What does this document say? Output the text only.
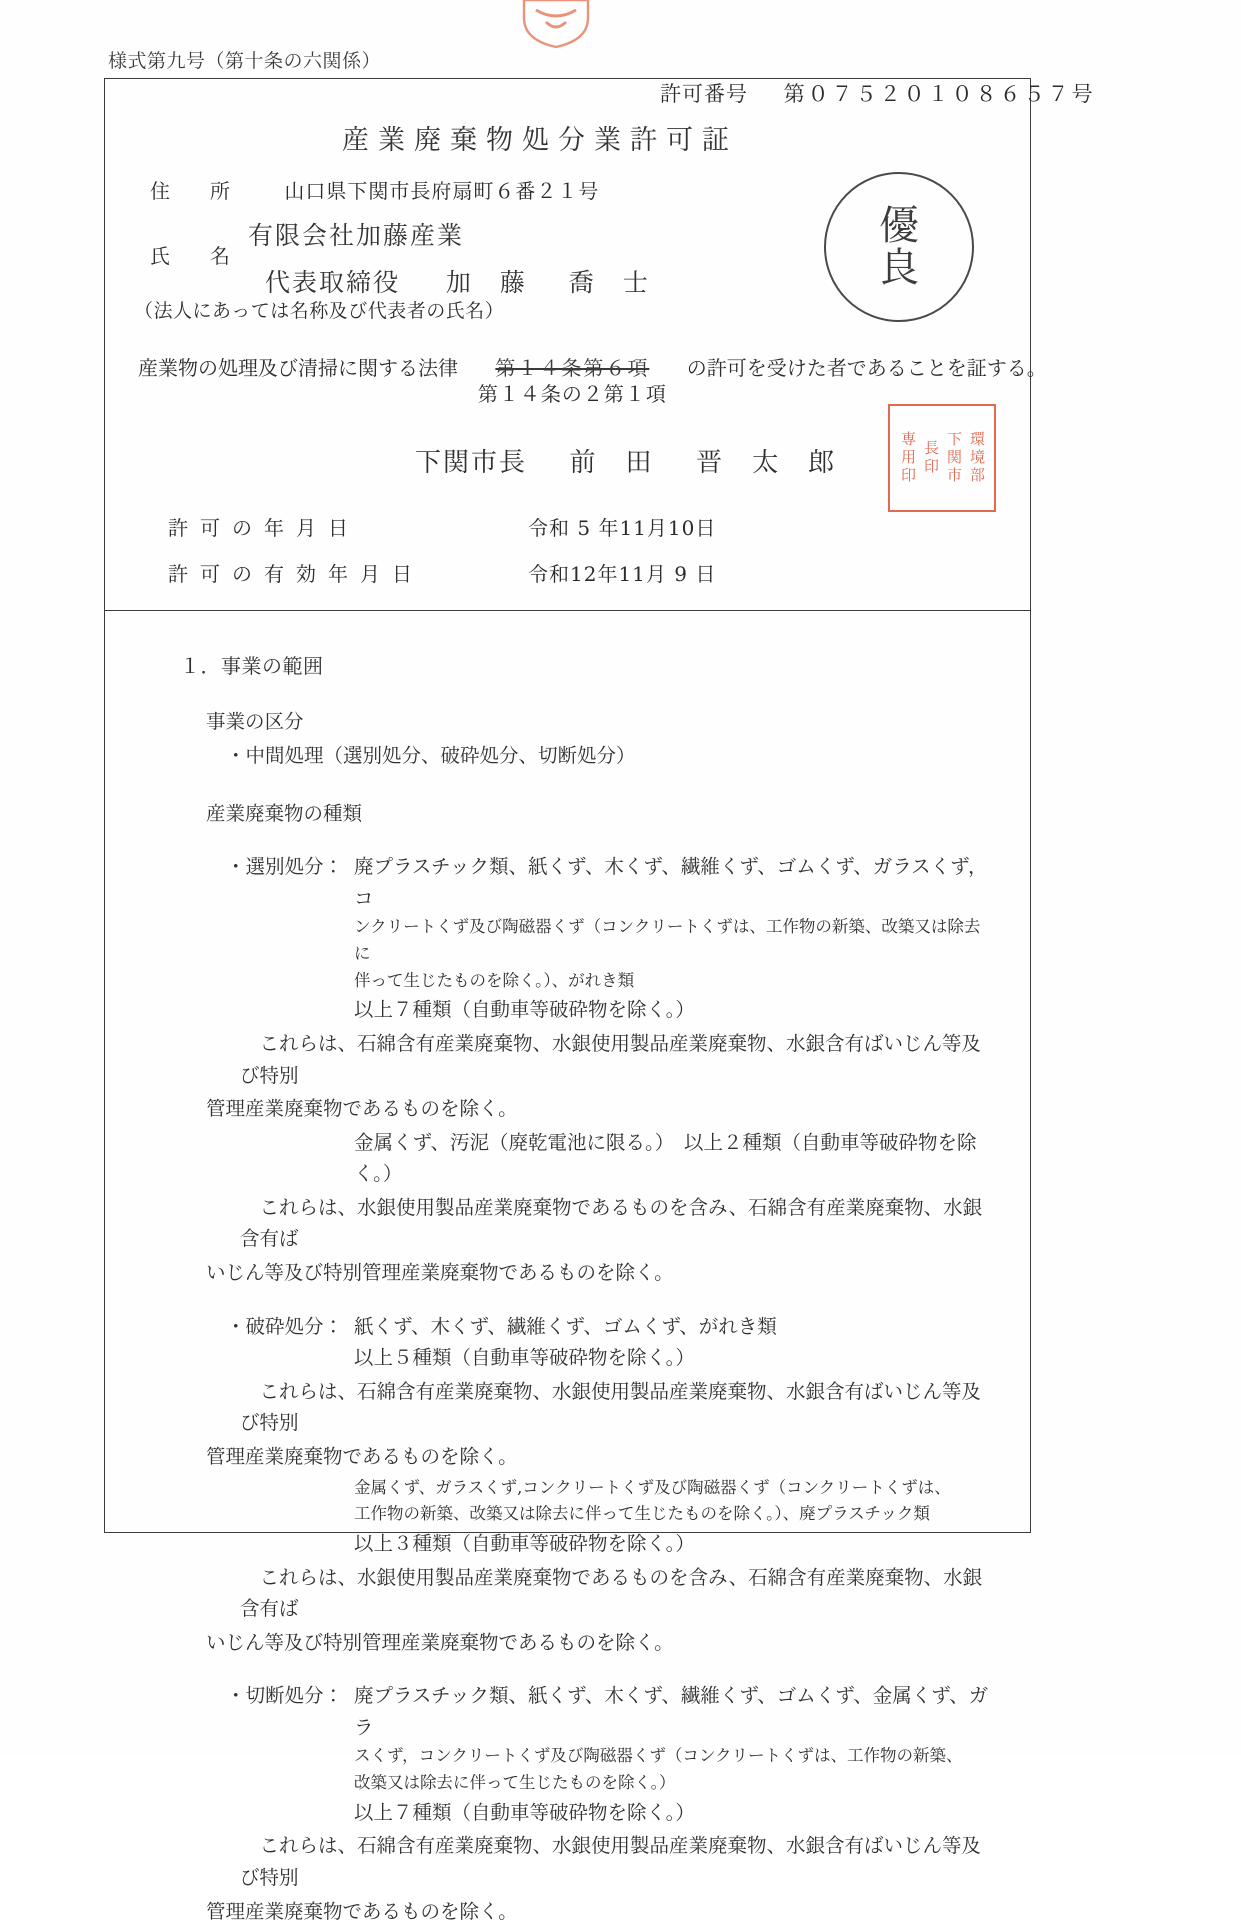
様式第九号（第十条の六関係）
許可番号 第０７５２０１０８６５７号
産業廃棄物処分業許可証
住　所 山口県下関市長府扇町６番２１号
有限会社加藤産業
氏　名
代表取締役 加　藤 喬　士
（法人にあっては名称及び代表者の氏名）
産業物の処理及び清掃に関する法律	第１４条第６項
第１４条の２第１項
の許可を受けた者であることを証する。
下関市長 前　田 晋　太　郎
許可の年月日	令和 5 年11月10日
許可の有効年月日	令和12年11月 9 日
優
良
環境部
下関市
長印
専用印
１．事業の範囲
事業の区分
・中間処理（選別処分、破砕処分、切断処分）
産業廃棄物の種類
・選別処分： 廃プラスチック類、紙くず、木くず、繊維くず、ゴムくず、ガラスくず，コ
ンクリートくず及び陶磁器くず（コンクリートくずは、工作物の新築、改築又は除去に
伴って生じたものを除く。）、がれき類
以上７種類（自動車等破砕物を除く。）
　これらは、石綿含有産業廃棄物、水銀使用製品産業廃棄物、水銀含有ばいじん等及び特別
管理産業廃棄物であるものを除く。
金属くず、汚泥（廃乾電池に限る。）　以上２種類（自動車等破砕物を除く。）
　これらは、水銀使用製品産業廃棄物であるものを含み、石綿含有産業廃棄物、水銀含有ば
いじん等及び特別管理産業廃棄物であるものを除く。
・破砕処分： 紙くず、木くず、繊維くず、ゴムくず、がれき類
以上５種類（自動車等破砕物を除く。）
　これらは、石綿含有産業廃棄物、水銀使用製品産業廃棄物、水銀含有ばいじん等及び特別
管理産業廃棄物であるものを除く。
金属くず、ガラスくず,コンクリートくず及び陶磁器くず（コンクリートくずは、
工作物の新築、改築又は除去に伴って生じたものを除く。）、廃プラスチック類
以上３種類（自動車等破砕物を除く。）
　これらは、水銀使用製品産業廃棄物であるものを含み、石綿含有産業廃棄物、水銀含有ば
いじん等及び特別管理産業廃棄物であるものを除く。
・切断処分： 廃プラスチック類、紙くず、木くず、繊維くず、ゴムくず、金属くず、ガラ
スくず，コンクリートくず及び陶磁器くず（コンクリートくずは、工作物の新築、
改築又は除去に伴って生じたものを除く。）
以上７種類（自動車等破砕物を除く。）
　これらは、石綿含有産業廃棄物、水銀使用製品産業廃棄物、水銀含有ばいじん等及び特別
管理産業廃棄物であるものを除く。
